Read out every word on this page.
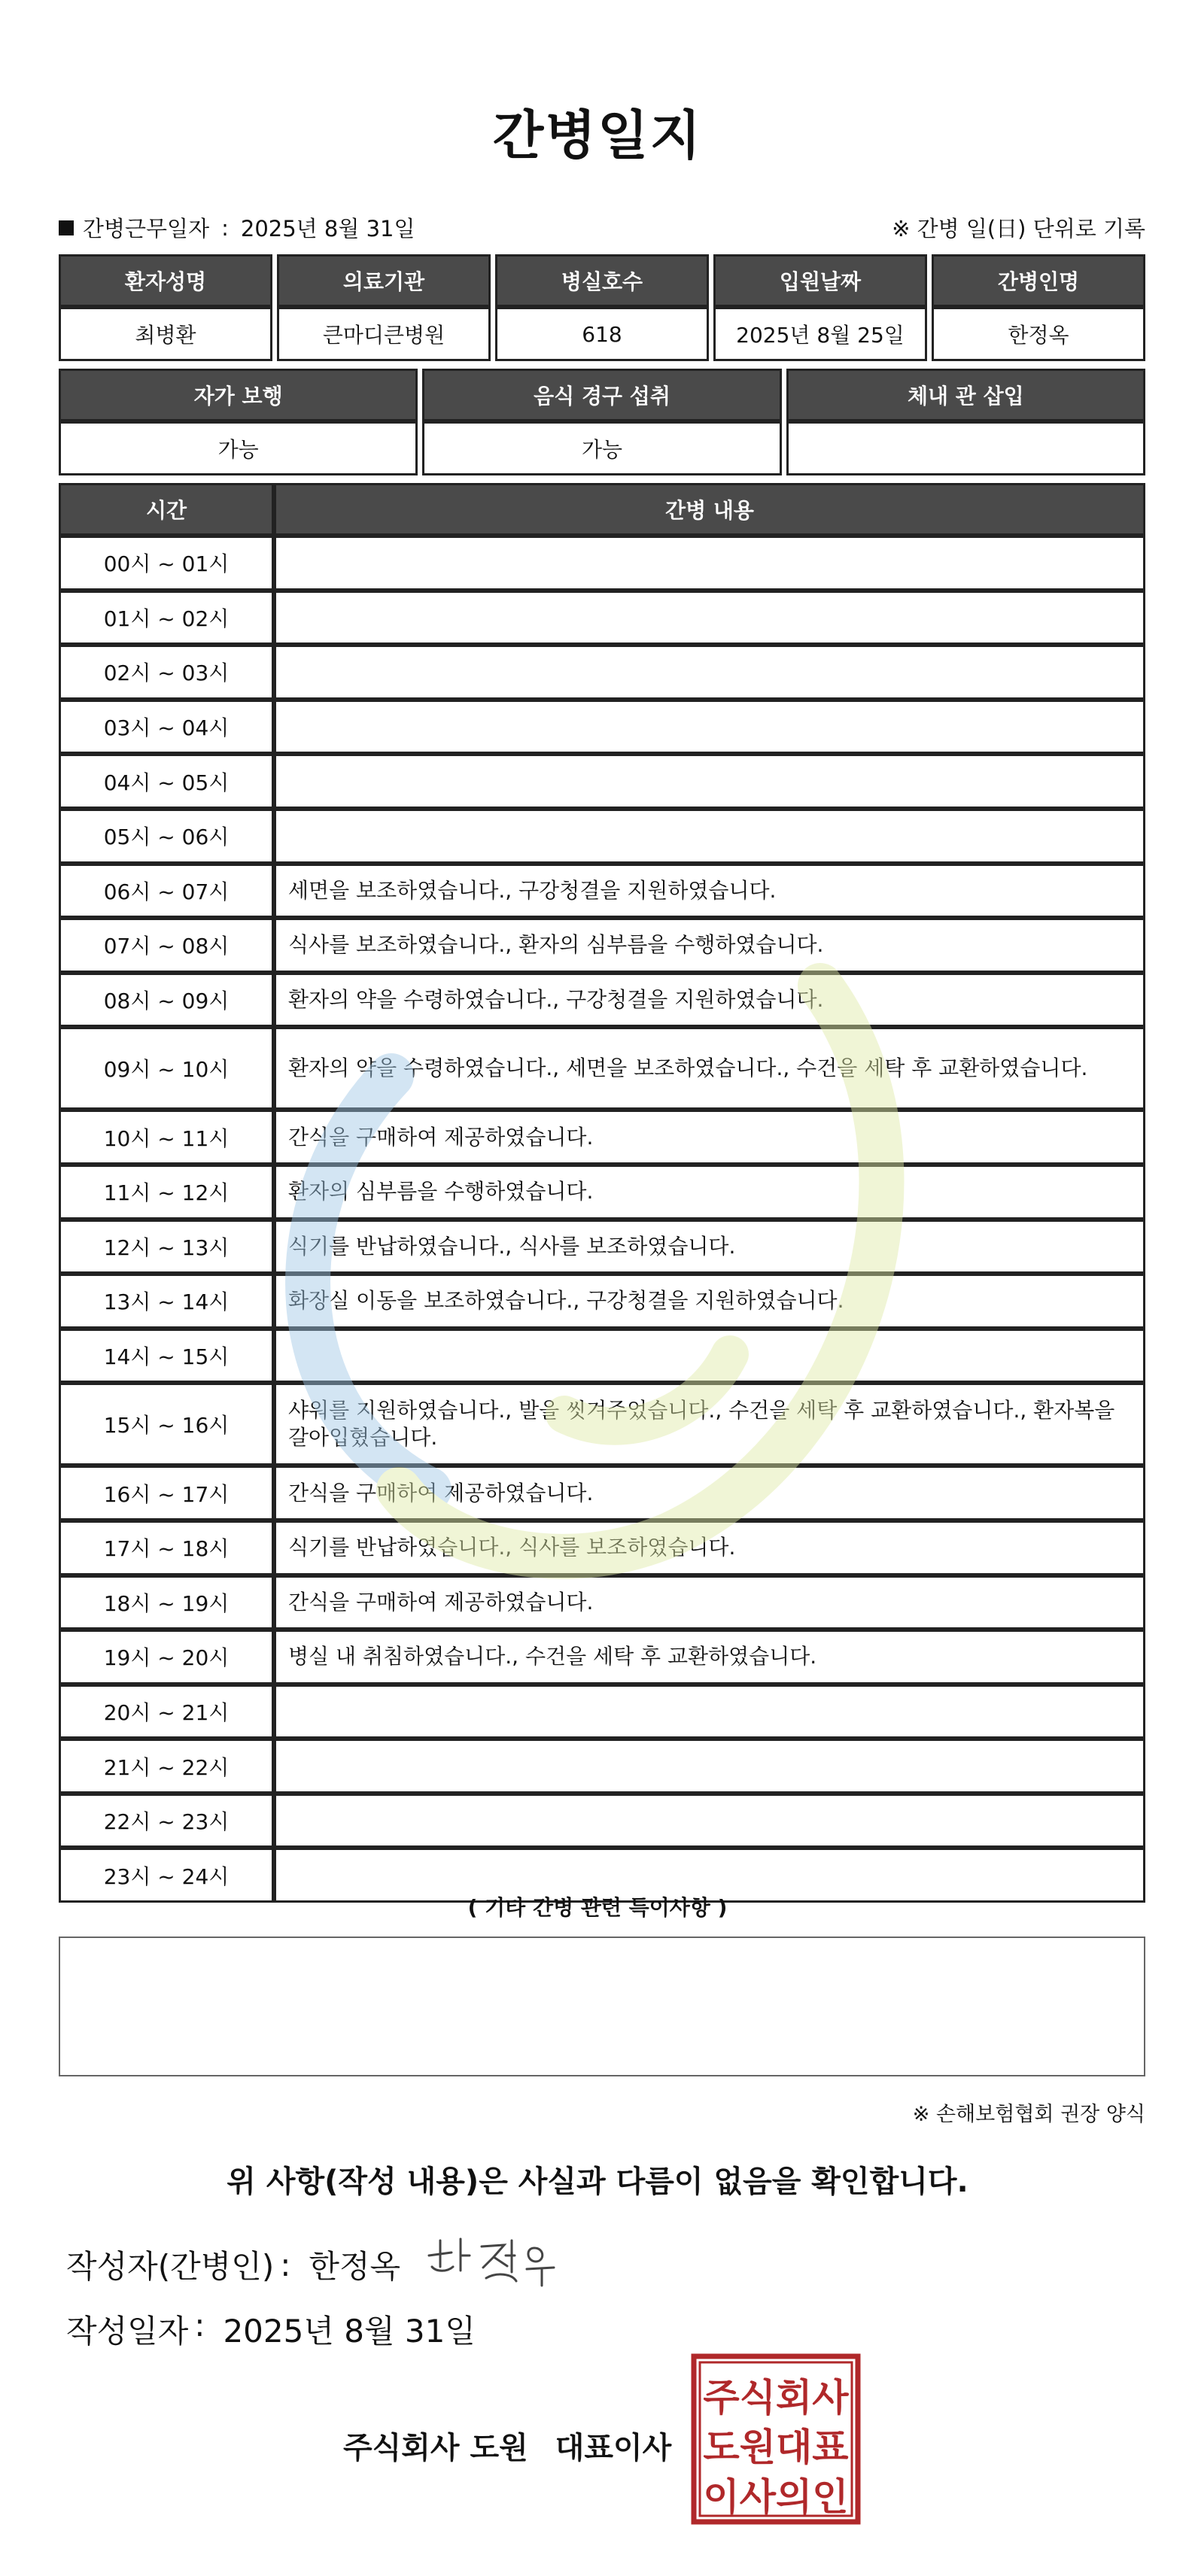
간병일지
간병근무일자 : 2025년 8월 31일	※ 간병 일(日) 단위로 기록
환자성명	의료기관	병실호수	입원날짜	간병인명
최병환	큰마디큰병원	618	2025년 8월 25일	한정옥
자가 보행	음식 경구 섭취	체내 관 삽입
가능	가능	
시간	간병 내용
00시 ~ 01시	
01시 ~ 02시	
02시 ~ 03시	
03시 ~ 04시	
04시 ~ 05시	
05시 ~ 06시	
06시 ~ 07시	세면을 보조하였습니다., 구강청결을 지원하였습니다.
07시 ~ 08시	식사를 보조하였습니다., 환자의 심부름을 수행하였습니다.
08시 ~ 09시	환자의 약을 수령하였습니다., 구강청결을 지원하였습니다.
09시 ~ 10시	환자의 약을 수령하였습니다., 세면을 보조하였습니다., 수건을 세탁 후 교환하였습니다.
10시 ~ 11시	간식을 구매하여 제공하였습니다.
11시 ~ 12시	환자의 심부름을 수행하였습니다.
12시 ~ 13시	식기를 반납하였습니다., 식사를 보조하였습니다.
13시 ~ 14시	화장실 이동을 보조하였습니다., 구강청결을 지원하였습니다.
14시 ~ 15시	
15시 ~ 16시	샤워를 지원하였습니다., 발을 씻겨주었습니다., 수건을 세탁 후 교환하였습니다., 환자복을 갈아입혔습니다.
16시 ~ 17시	간식을 구매하여 제공하였습니다.
17시 ~ 18시	식기를 반납하였습니다., 식사를 보조하였습니다.
18시 ~ 19시	간식을 구매하여 제공하였습니다.
19시 ~ 20시	병실 내 취침하였습니다., 수건을 세탁 후 교환하였습니다.
20시 ~ 21시	
21시 ~ 22시	
22시 ~ 23시	
23시 ~ 24시	
( 기타 간병 관련 특이사항 )
※ 손해보험협회 권장 양식
위 사항(작성 내용)은 사실과 다름이 없음을 확인합니다.
작성자(간병인) : 한정옥
작성일자 : 2025년 8월 31일
주식회사 도원 대표이사
주식회사
도원대표
이사의인
